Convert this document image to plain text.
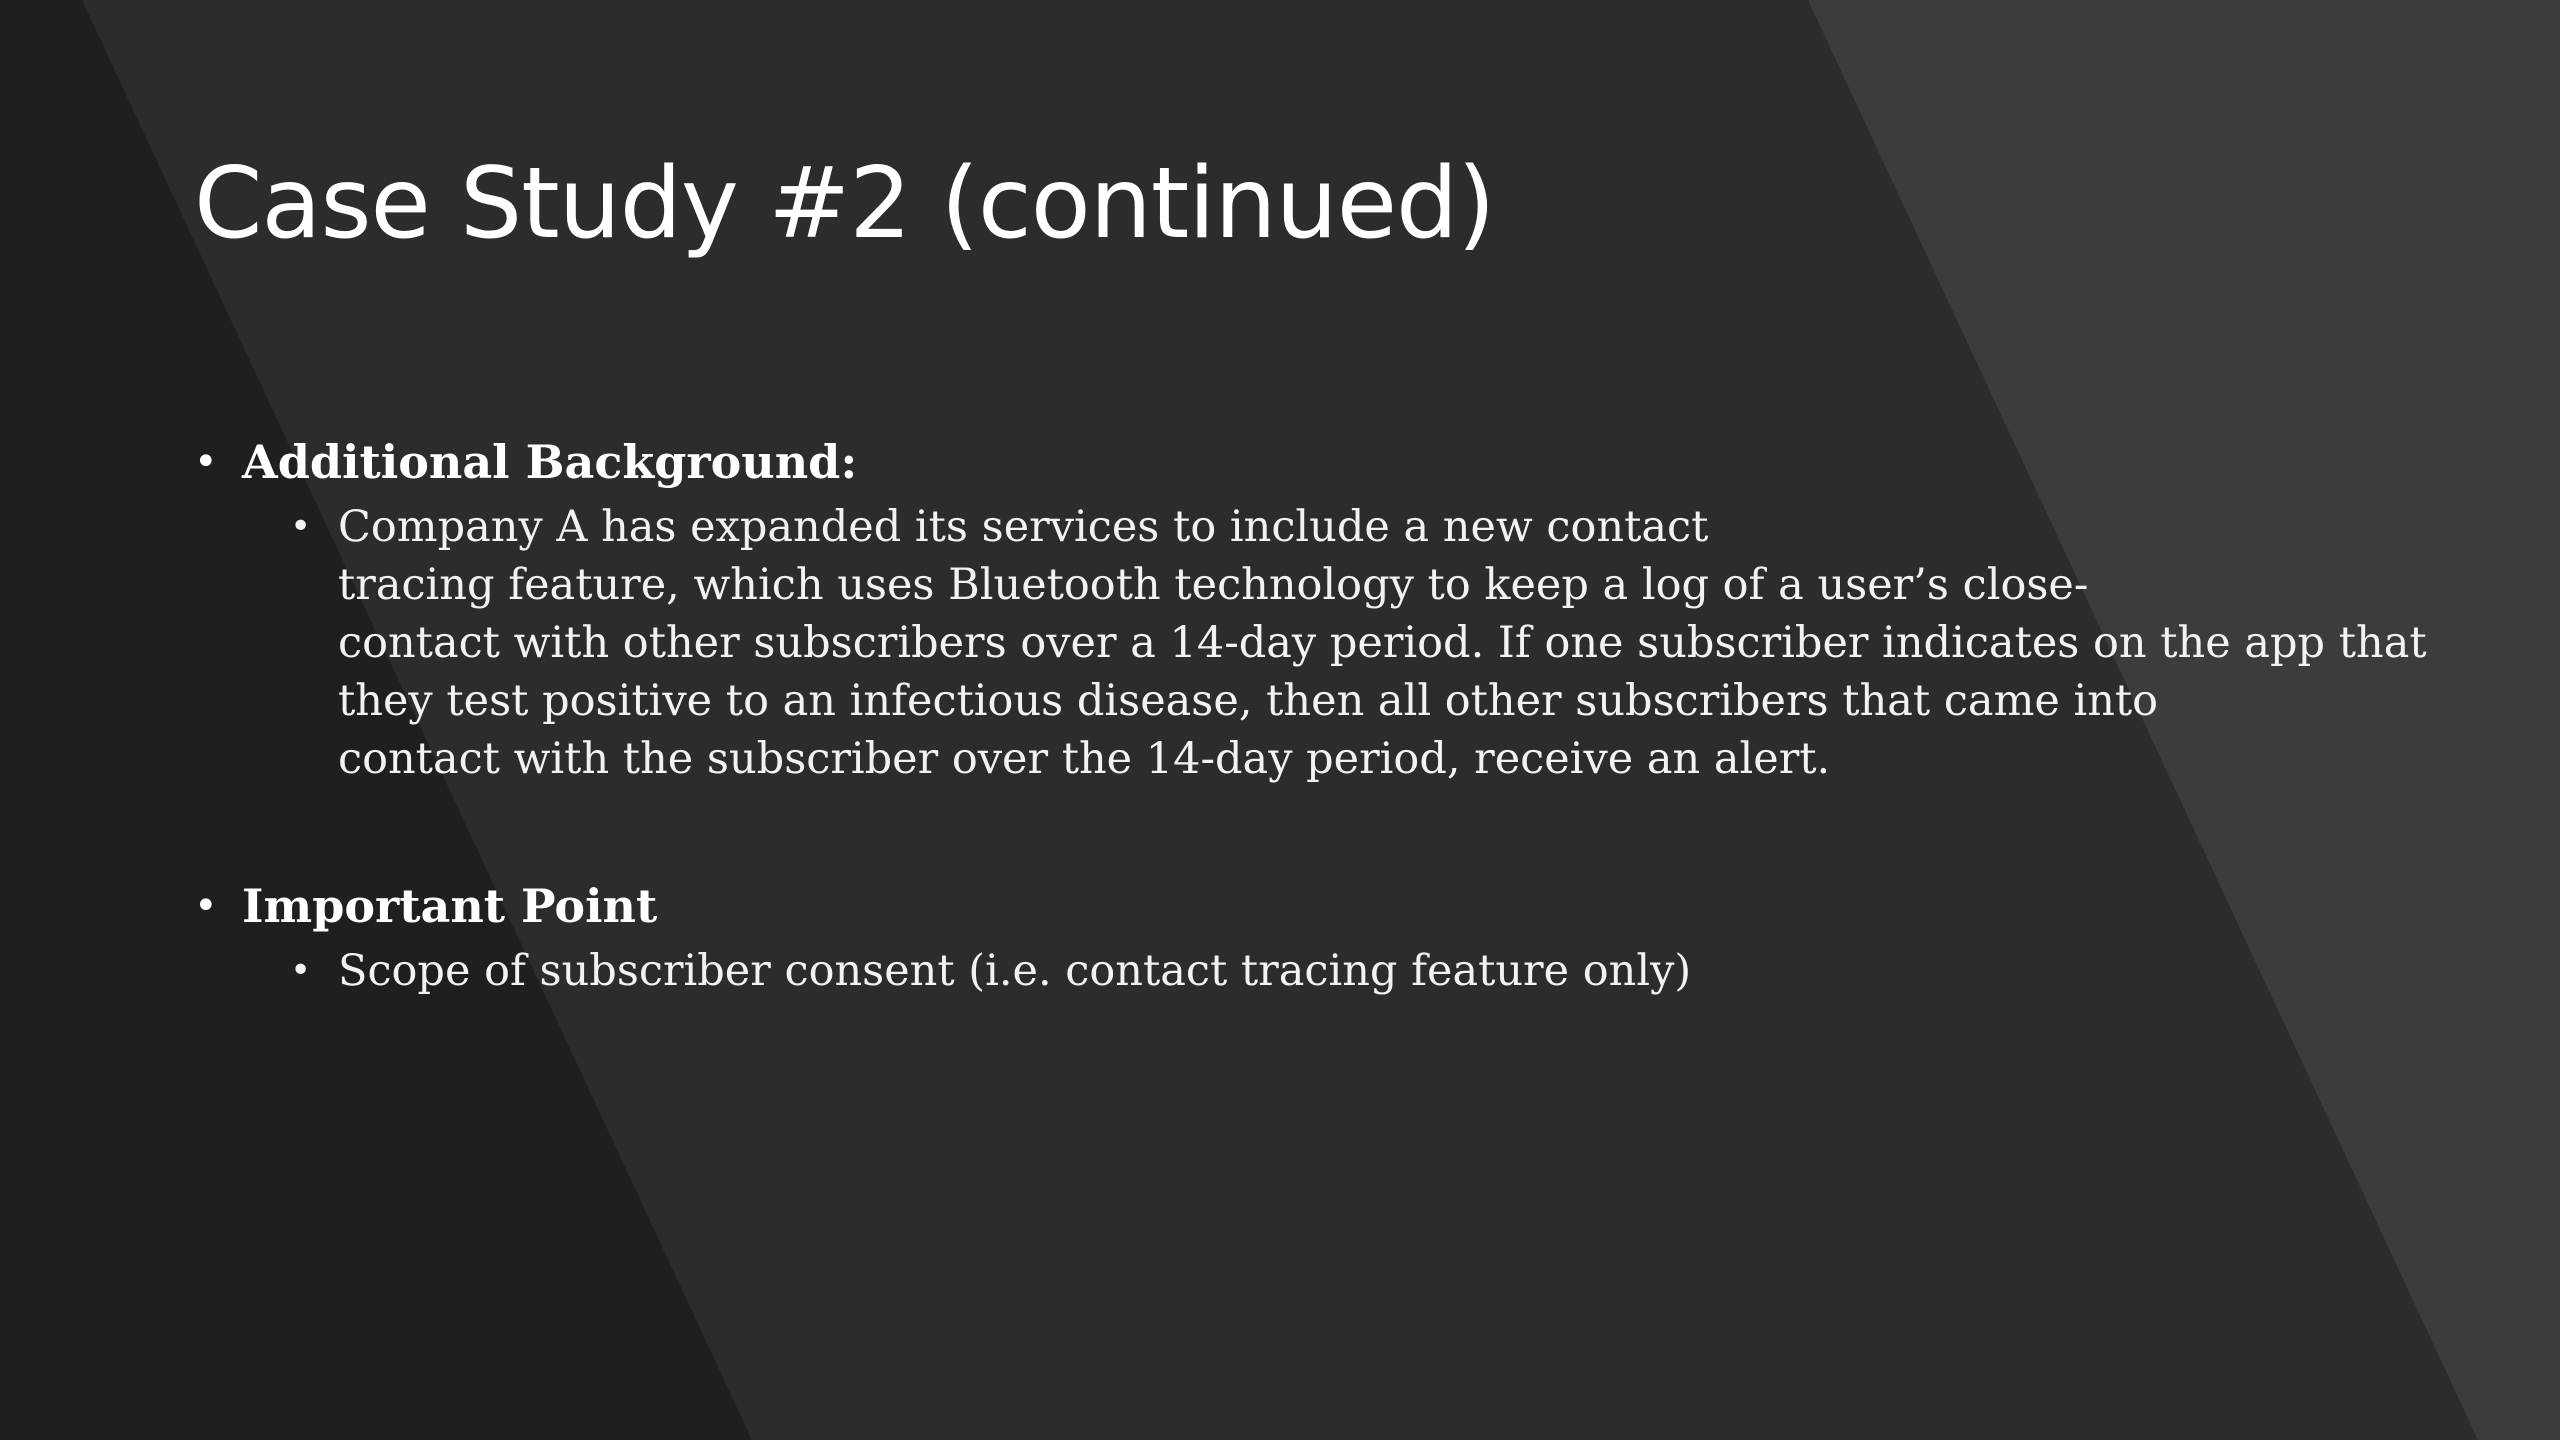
Case Study #2 (continued)
• Additional Background:
• Company A has expanded its services to include a new contact
tracing feature, which uses Bluetooth technology to keep a log of a user’s close-
contact with other subscribers over a 14-day period. If one subscriber indicates on the app that
they test positive to an infectious disease, then all other subscribers that came into
contact with the subscriber over the 14-day period, receive an alert.
• Important Point
• Scope of subscriber consent (i.e. contact tracing feature only)
